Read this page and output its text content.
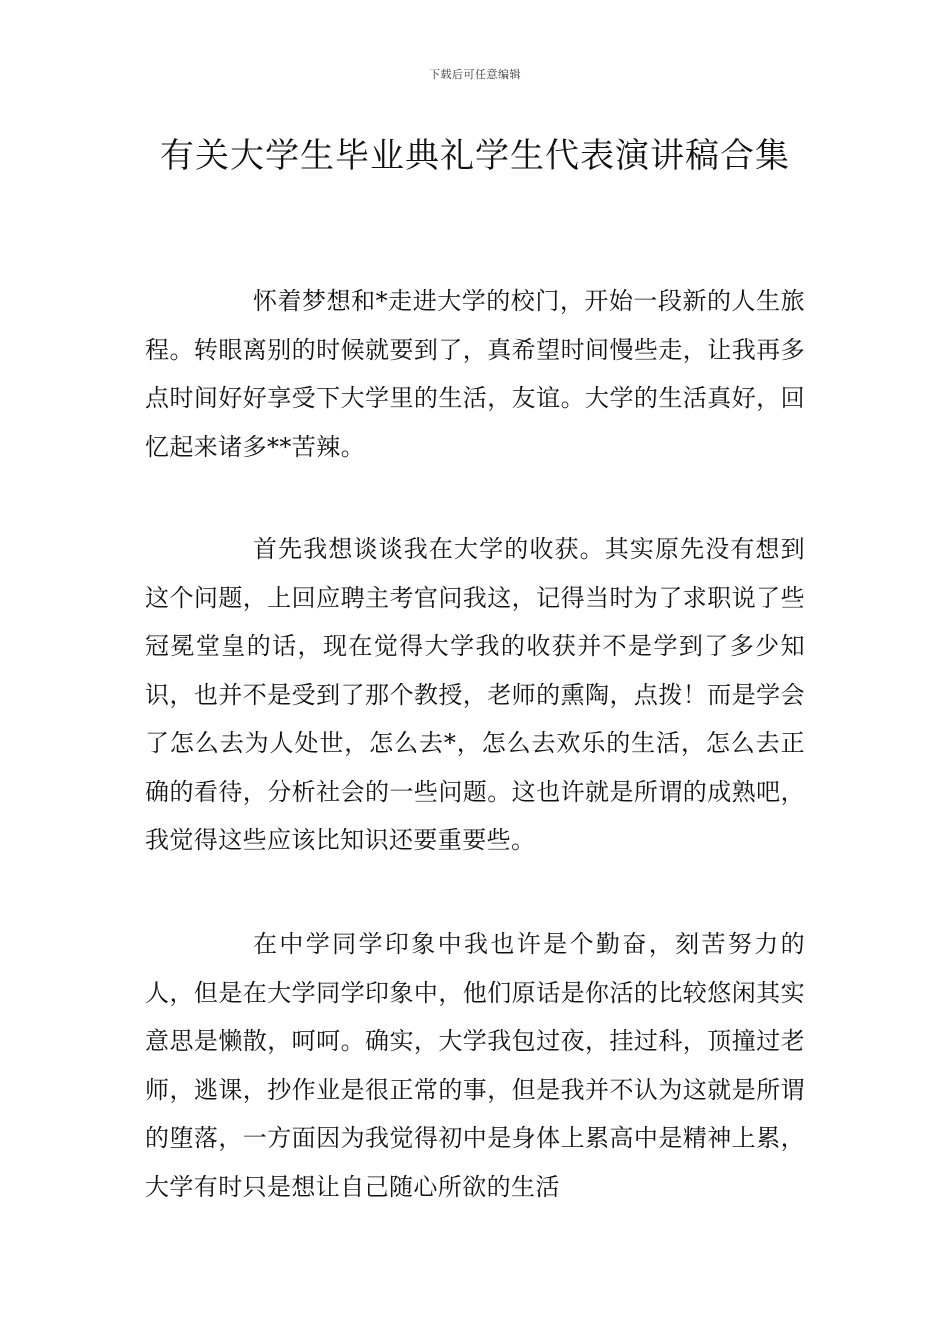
下载后可任意编辑
有关大学生毕业典礼学生代表演讲稿合集

怀着梦想和*走进大学的校门，开始一段新的人生旅程。转眼离别的时候就要到了，真希望时间慢些走，让我再多点时间好好享受下大学里的生活，友谊。大学的生活真好，回忆起来诸多**苦辣。

首先我想谈谈我在大学的收获。其实原先没有想到这个问题，上回应聘主考官问我这，记得当时为了求职说了些冠冕堂皇的话，现在觉得大学我的收获并不是学到了多少知识，也并不是受到了那个教授，老师的熏陶，点拨！而是学会了怎么去为人处世，怎么去*，怎么去欢乐的生活，怎么去正确的看待，分析社会的一些问题。这也许就是所谓的成熟吧，我觉得这些应该比知识还要重要些。

在中学同学印象中我也许是个勤奋，刻苦努力的人，但是在大学同学印象中，他们原话是你活的比较悠闲其实意思是懒散，呵呵。确实，大学我包过夜，挂过科，顶撞过老师，逃课，抄作业是很正常的事，但是我并不认为这就是所谓的堕落，一方面因为我觉得初中是身体上累高中是精神上累，大学有时只是想让自己随心所欲的生活
